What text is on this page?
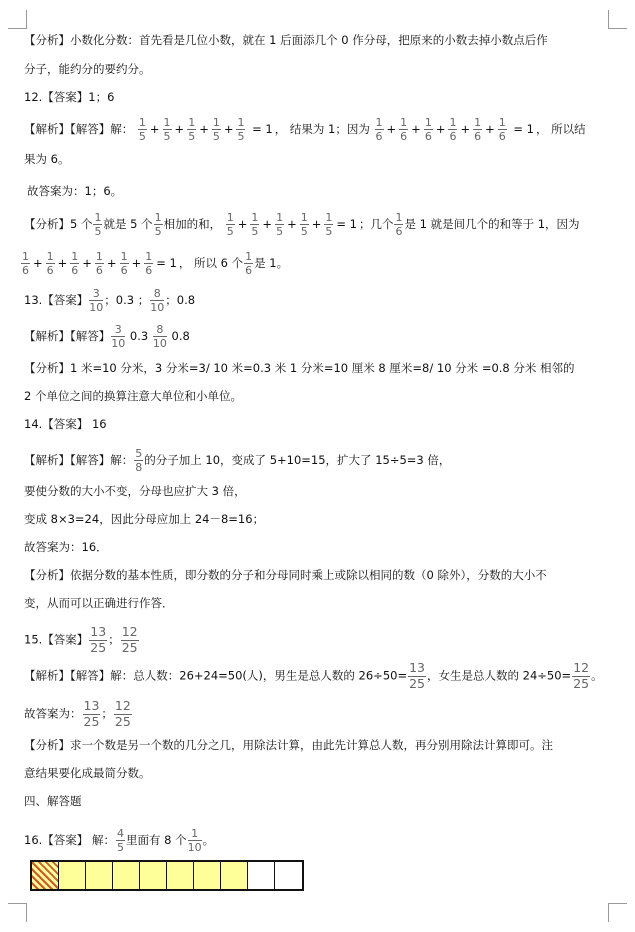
【分析】小数化分数：首先看是几位小数，就在 1 后面添几个 0 作分母，把原来的小数去掉小数点后作
分子，能约分的要约分。
12.【答案】1；6
【解析】【解答】解： $\frac{1}{5} + \frac{1}{5} + \frac{1}{5} + \frac{1}{5} + \frac{1}{5} = 1$ ， 结果为 1；因为 $\frac{1}{6} + \frac{1}{6} + \frac{1}{6} + \frac{1}{6} + \frac{1}{6} + \frac{1}{6} = 1$ ， 所以结
果为 6。
故答案为：1；6。
【分析】5 个 $\frac{1}{5}$ 就是 5 个 $\frac{1}{5}$ 相加的和， $\frac{1}{5} + \frac{1}{5} + \frac{1}{5} + \frac{1}{5} + \frac{1}{5} = 1$ ；几个 $\frac{1}{6}$ 是 1 就是间几个的和等于 1，因为
$\frac{1}{6} + \frac{1}{6} + \frac{1}{6} + \frac{1}{6} + \frac{1}{6} + \frac{1}{6} = 1$ ， 所以 6 个 $\frac{1}{6}$ 是 1。
13.【答案】 $\frac{3}{10}$ ；0.3 ； $\frac{8}{10}$ ；0.8
【解析】【解答】 $\frac{3}{10} 0.3 \frac{8}{10} 0.8$
【分析】1 米=10 分米，3 分米=3/ 10 米=0.3 米 1 分米=10 厘米 8 厘米=8/ 10 分米 =0.8 分米 相邻的
2 个单位之间的换算注意大单位和小单位。
14.【答案】 16
【解析】【解答】解： $\frac{5}{8}$ 的分子加上 10，变成了 5+10=15，扩大了 15÷5=3 倍，
要使分数的大小不变，分母也应扩大 3 倍，
变成 8×3=24，因此分母应加上 24－8=16；
故答案为：16．
【分析】依据分数的基本性质，即分数的分子和分母同时乘上或除以相同的数（0 除外），分数的大小不
变，从而可以正确进行作答．
15.【答案】 $\frac{13}{25}$ ； $\frac{12}{25}$
【解析】【解答】解：总人数：26+24=50(人)，男生是总人数的 $26\div 50= \frac{13}{25}$ ，女生是总人数的 $24\div 50= \frac{12}{25}$ 。
故答案为： $\frac{13}{25}$ ； $\frac{12}{25}$
【分析】求一个数是另一个数的几分之几，用除法计算，由此先计算总人数，再分别用除法计算即可。注
意结果要化成最简分数。
四、解答题
16.【答案】 解： $\frac{4}{5}$ 里面有 8 个 $\frac{1}{10}$ 。
